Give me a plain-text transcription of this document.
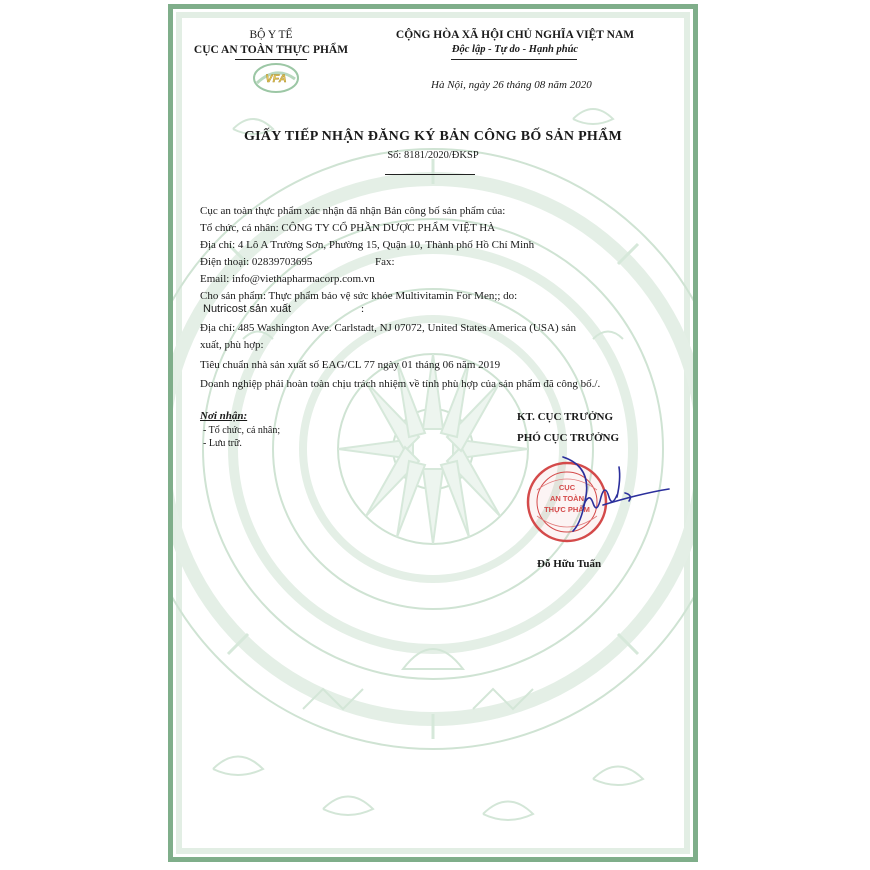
BỘ Y TẾ
CỤC AN TOÀN THỰC PHẨM
VFA
CỘNG HÒA XÃ HỘI CHỦ NGHĨA VIỆT NAM
Độc lập - Tự do - Hạnh phúc
Hà Nội, ngày 26 tháng 08 năm 2020
GIẤY TIẾP NHẬN ĐĂNG KÝ BẢN CÔNG BỐ SẢN PHẨM
Số: 8181/2020/ĐKSP
Cục an toàn thực phẩm xác nhận đã nhận Bản công bố sản phẩm của:
Tổ chức, cá nhân: CÔNG TY CỔ PHẦN DƯỢC PHẨM VIỆT HÀ
Địa chỉ: 4 Lô A Trường Sơn, Phường 15, Quận 10, Thành phố Hồ Chí Minh
Điện thoại: 02839703695	Fax:
Email: info@viethapharmacorp.com.vn
Cho sản phẩm: Thực phẩm bảo vệ sức khỏe Multivitamin For Men;; do:
Nutricost sản xuất	:
Địa chỉ: 485 Washington Ave. Carlstadt, NJ 07072, United States America (USA) sản
xuất, phù hợp:
Tiêu chuẩn nhà sản xuất số EAG/CL 77 ngày 01 tháng 06 năm 2019
Doanh nghiệp phải hoàn toàn chịu trách nhiệm về tính phù hợp của sản phẩm đã công bố./.
Nơi nhận:
- Tổ chức, cá nhân;
- Lưu trữ.
KT. CỤC TRƯỞNG
PHÓ CỤC TRƯỞNG
CỤC
AN TOÀN
THỰC PHẨM
Đỗ Hữu Tuấn
